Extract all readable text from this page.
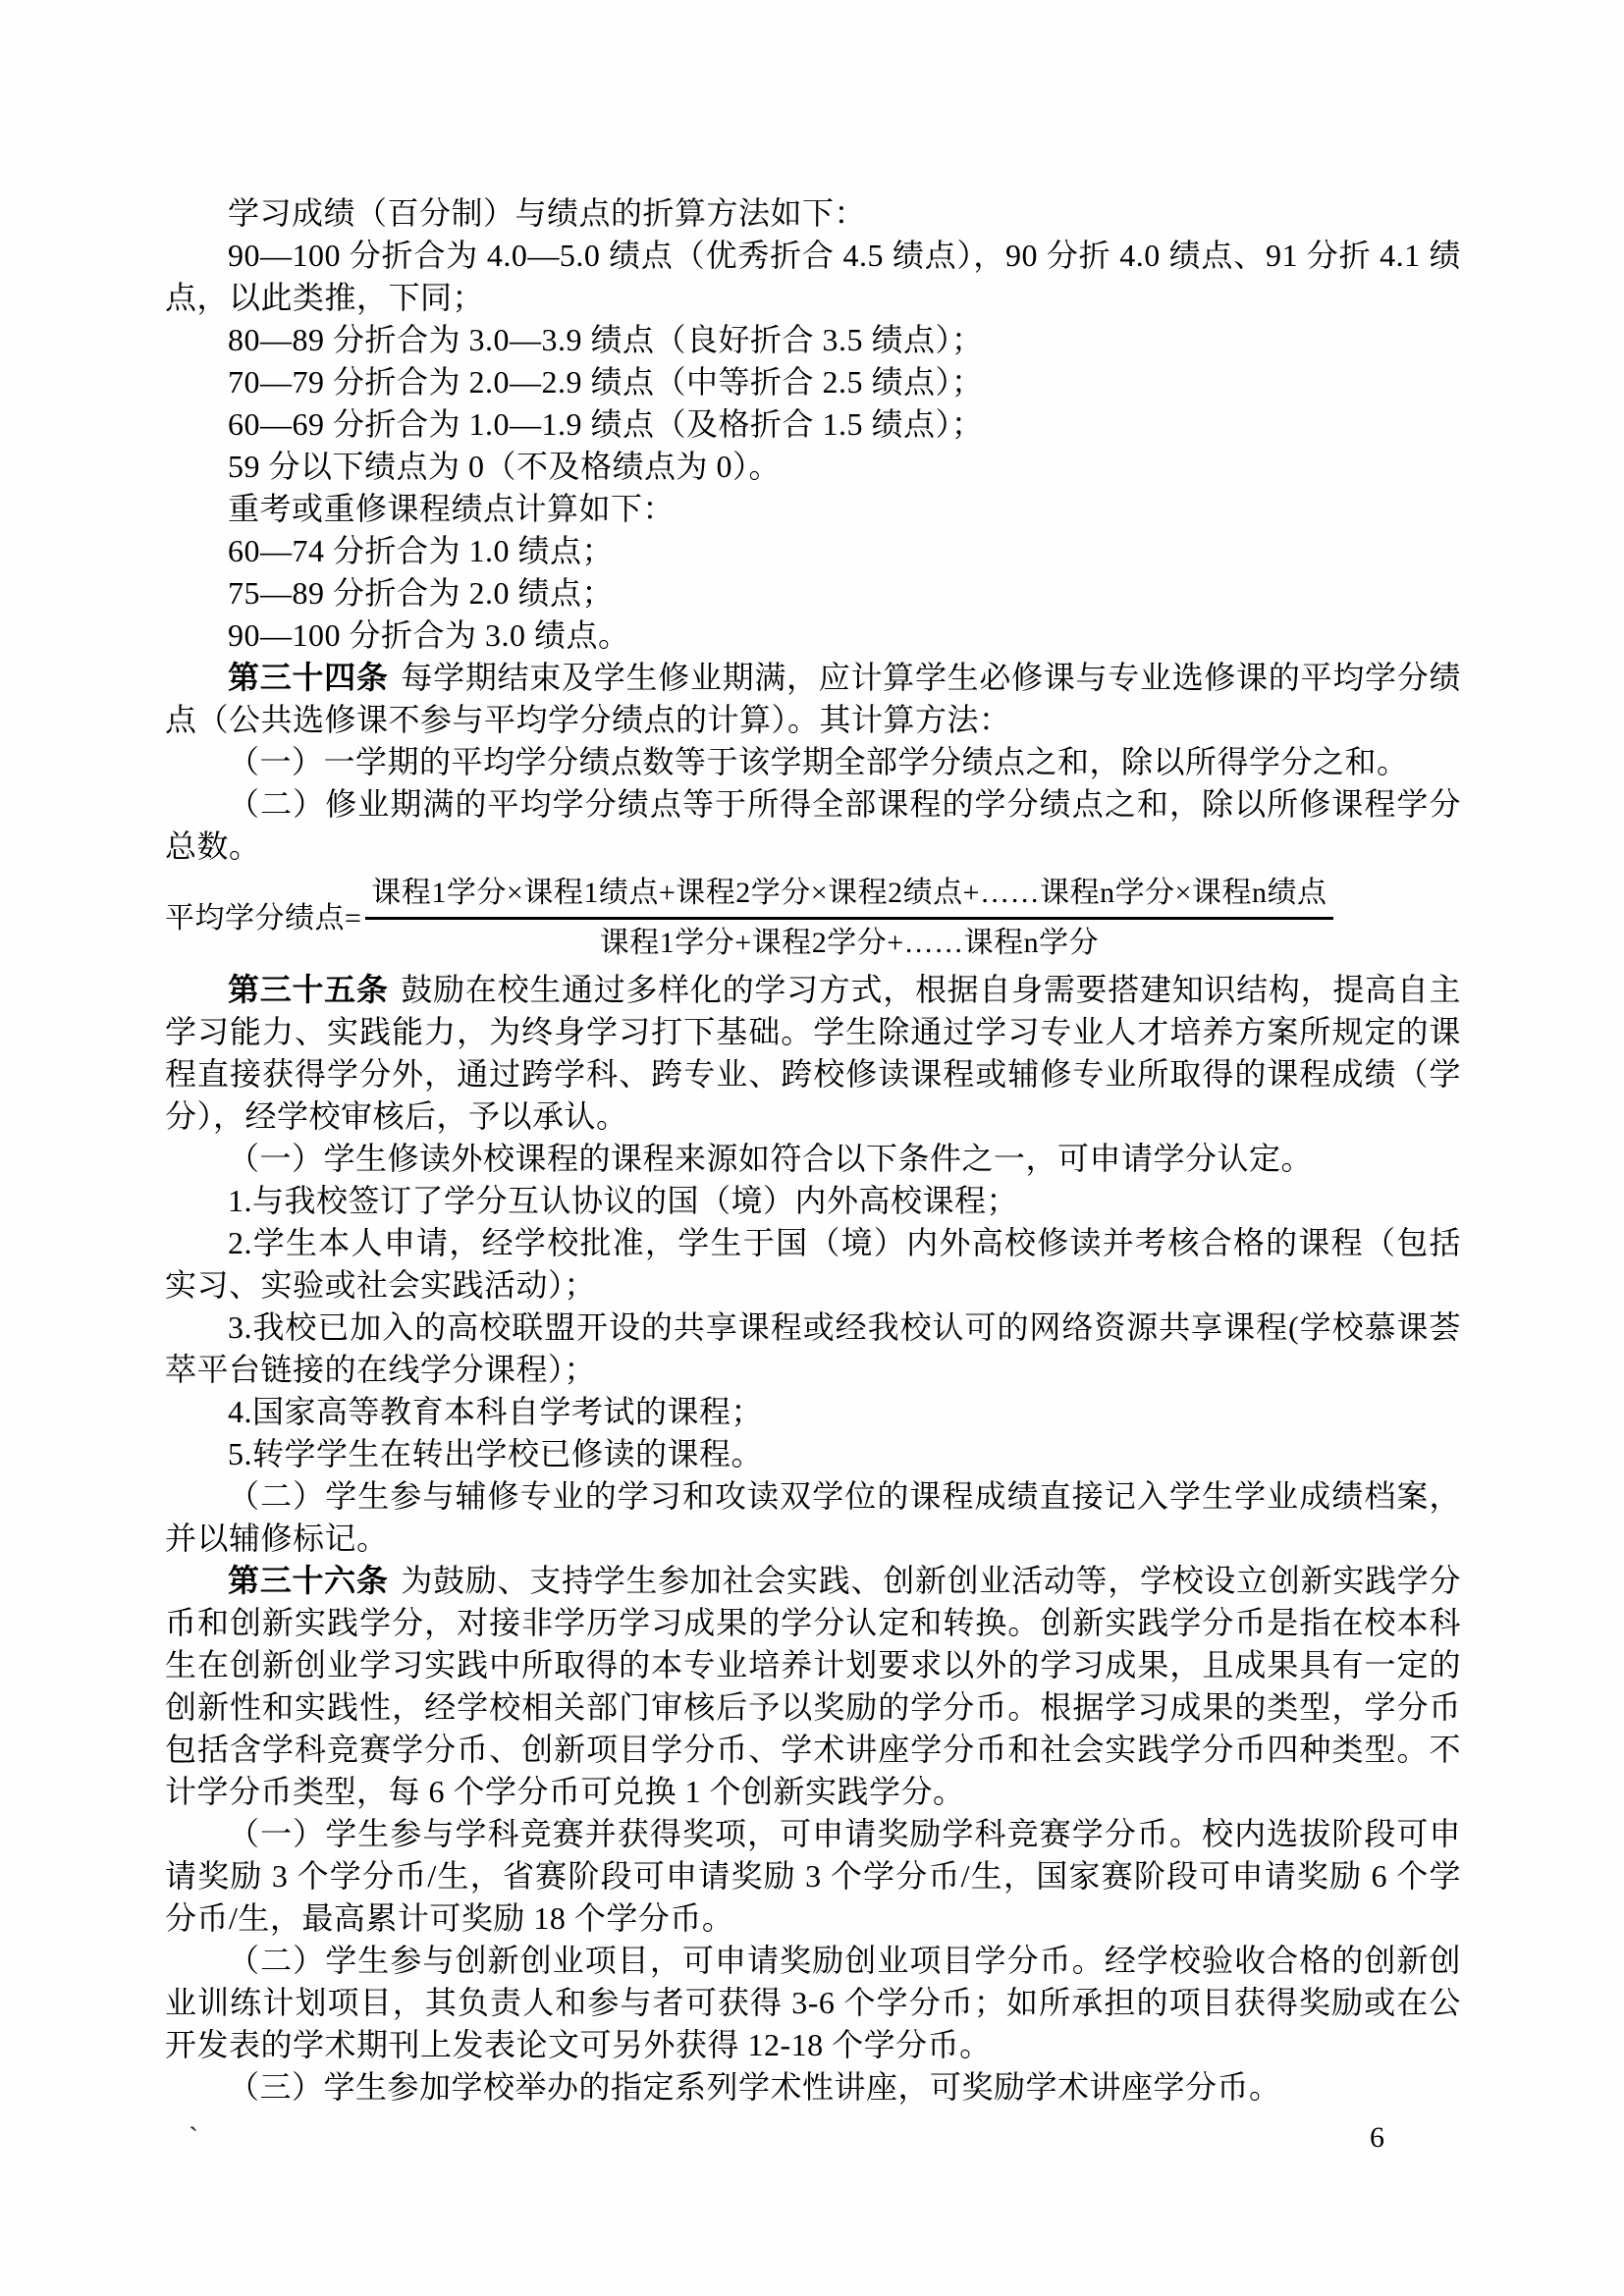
学习成绩（百分制）与绩点的折算方法如下：

90—100 分折合为 4.0—5.0 绩点（优秀折合 4.5 绩点），90 分折 4.0 绩点、91 分折 4.1 绩点，以此类推，下同；

80—89 分折合为 3.0—3.9 绩点（良好折合 3.5 绩点）；

70—79 分折合为 2.0—2.9 绩点（中等折合 2.5 绩点）；

60—69 分折合为 1.0—1.9 绩点（及格折合 1.5 绩点）；

59 分以下绩点为 0（不及格绩点为 0）。

重考或重修课程绩点计算如下：

60—74 分折合为 1.0 绩点；

75—89 分折合为 2.0 绩点；

90—100 分折合为 3.0 绩点。

第三十四条 每学期结束及学生修业期满，应计算学生必修课与专业选修课的平均学分绩点（公共选修课不参与平均学分绩点的计算）。其计算方法：

（一）一学期的平均学分绩点数等于该学期全部学分绩点之和，除以所得学分之和。

（二）修业期满的平均学分绩点等于所得全部课程的学分绩点之和，除以所修课程学分总数。

平均学分绩点= $\frac{\text{课程1学分×课程1绩点+课程2学分×课程2绩点+……课程n学分×课程n绩点}}{\text{课程1学分+课程2学分+……课程n学分}}$

第三十五条 鼓励在校生通过多样化的学习方式，根据自身需要搭建知识结构，提高自主学习能力、实践能力，为终身学习打下基础。学生除通过学习专业人才培养方案所规定的课程直接获得学分外，通过跨学科、跨专业、跨校修读课程或辅修专业所取得的课程成绩（学分），经学校审核后，予以承认。

（一）学生修读外校课程的课程来源如符合以下条件之一，可申请学分认定。

1.与我校签订了学分互认协议的国（境）内外高校课程；

2.学生本人申请，经学校批准，学生于国（境）内外高校修读并考核合格的课程（包括实习、实验或社会实践活动）；

3.我校已加入的高校联盟开设的共享课程或经我校认可的网络资源共享课程(学校慕课荟萃平台链接的在线学分课程）；

4.国家高等教育本科自学考试的课程；

5.转学学生在转出学校已修读的课程。

（二）学生参与辅修专业的学习和攻读双学位的课程成绩直接记入学生学业成绩档案，并以辅修标记。

第三十六条 为鼓励、支持学生参加社会实践、创新创业活动等，学校设立创新实践学分币和创新实践学分，对接非学历学习成果的学分认定和转换。创新实践学分币是指在校本科生在创新创业学习实践中所取得的本专业培养计划要求以外的学习成果，且成果具有一定的创新性和实践性，经学校相关部门审核后予以奖励的学分币。根据学习成果的类型，学分币包括含学科竞赛学分币、创新项目学分币、学术讲座学分币和社会实践学分币四种类型。不计学分币类型，每 6 个学分币可兑换 1 个创新实践学分。

（一）学生参与学科竞赛并获得奖项，可申请奖励学科竞赛学分币。校内选拔阶段可申请奖励 3 个学分币/生，省赛阶段可申请奖励 3 个学分币/生，国家赛阶段可申请奖励 6 个学分币/生，最高累计可奖励 18 个学分币。

（二）学生参与创新创业项目，可申请奖励创业项目学分币。经学校验收合格的创新创业训练计划项目，其负责人和参与者可获得 3-6 个学分币；如所承担的项目获得奖励或在公开发表的学术期刊上发表论文可另外获得 12-18 个学分币。

（三）学生参加学校举办的指定系列学术性讲座，可奖励学术讲座学分币。

`	6
